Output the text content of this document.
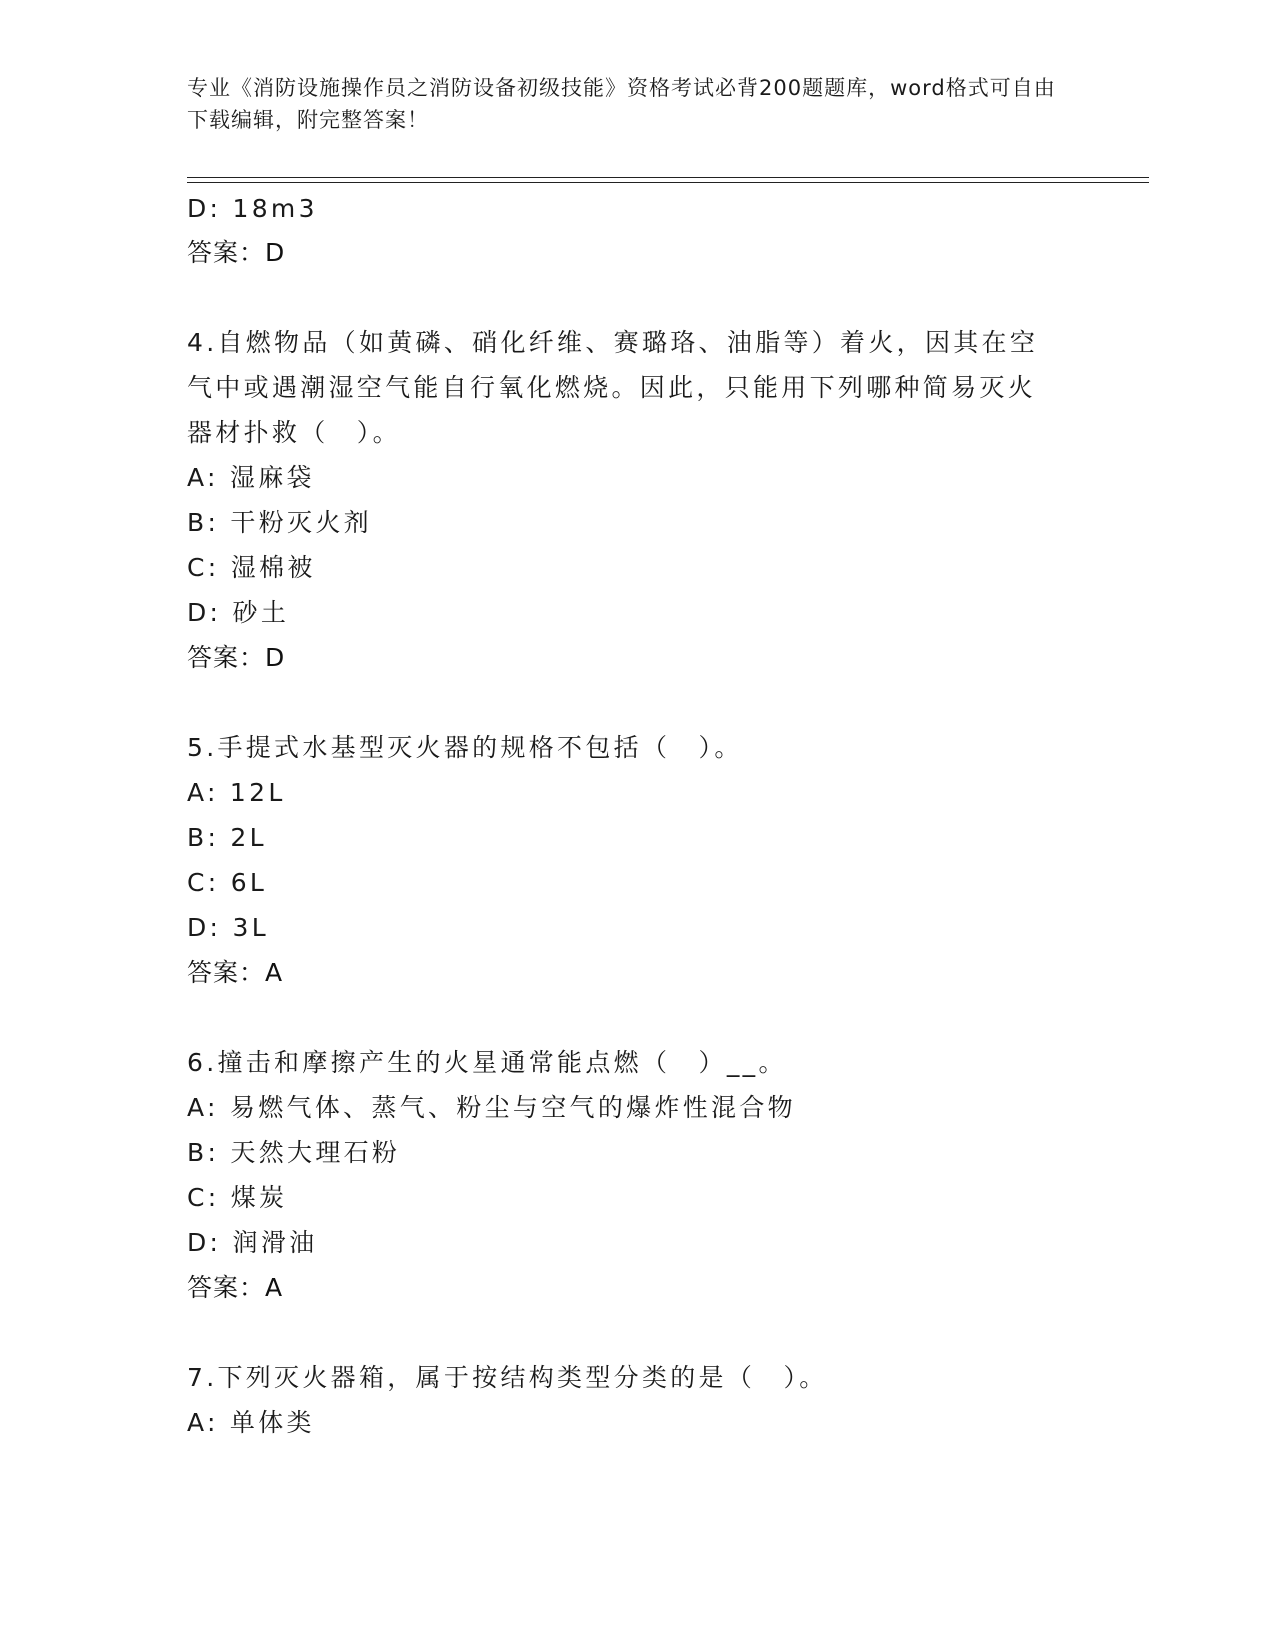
专业《消防设施操作员之消防设备初级技能》资格考试必背200题题库，word格式可自由下载编辑，附完整答案！
D: 18m3
答案：D
4.自燃物品（如黄磷、硝化纤维、赛璐珞、油脂等）着火，因其在空
气中或遇潮湿空气能自行氧化燃烧。因此，只能用下列哪种简易灭火
器材扑救（　）。
A: 湿麻袋
B: 干粉灭火剂
C: 湿棉被
D: 砂土
答案：D
5.手提式水基型灭火器的规格不包括（　）。
A: 12L
B: 2L
C: 6L
D: 3L
答案：A
6.撞击和摩擦产生的火星通常能点燃（　）__。
A: 易燃气体、蒸气、粉尘与空气的爆炸性混合物
B: 天然大理石粉
C: 煤炭
D: 润滑油
答案：A
7.下列灭火器箱，属于按结构类型分类的是（　）。
A: 单体类
